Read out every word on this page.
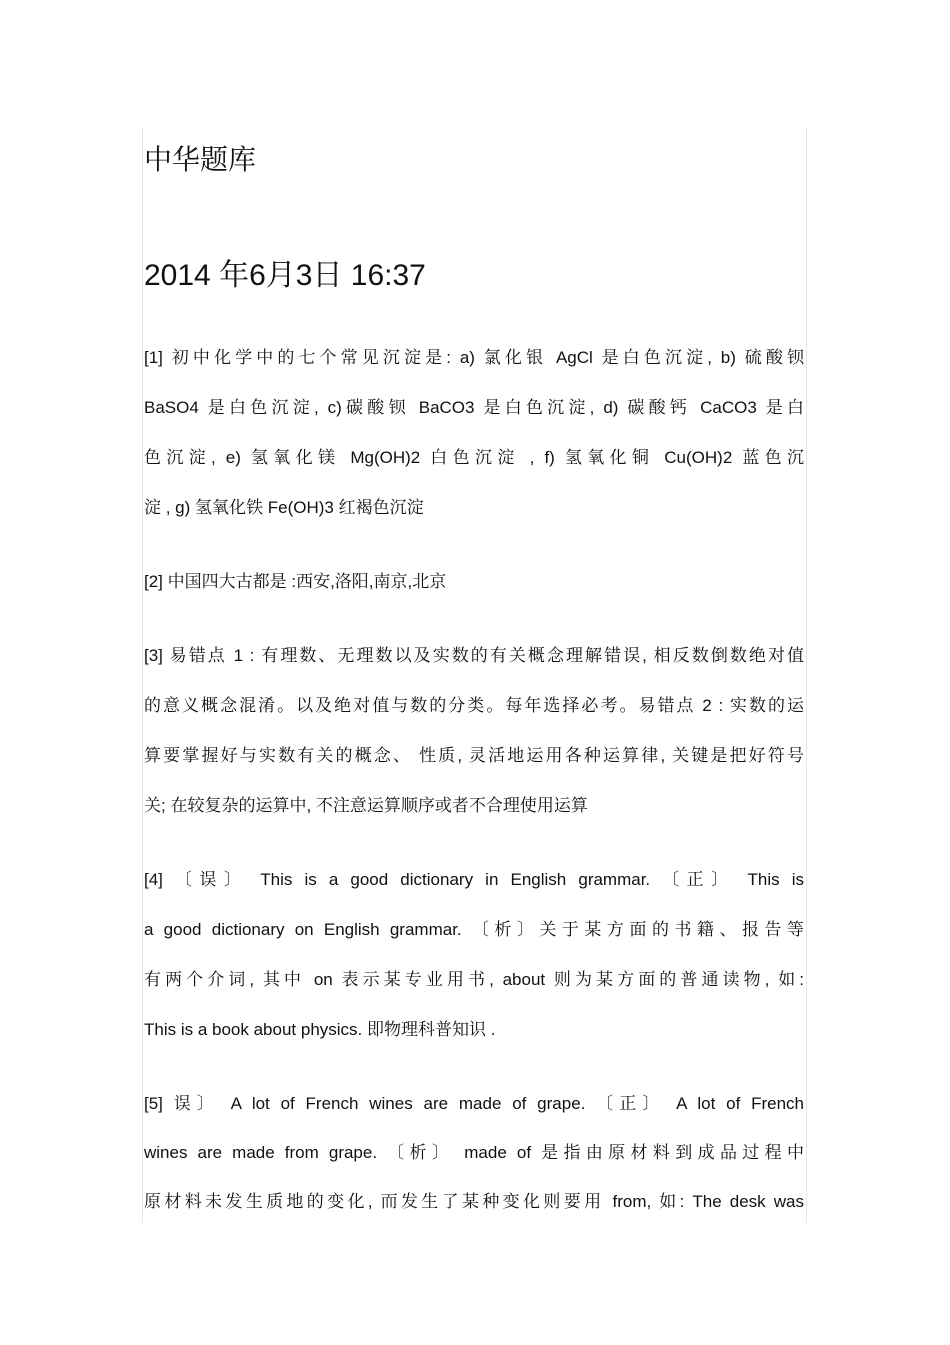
中华题库
2014 年6月3日 16:37
[1] 初中化学中的七个常见沉淀是: a) 氯化银 AgCl 是白色沉淀, b) 硫酸钡
BaSO4 是白色沉淀, c)碳酸钡 BaCO3 是白色沉淀, d) 碳酸钙 CaCO3 是白
色沉淀, e) 氢氧化镁 Mg(OH)2 白色沉淀 , f) 氢氧化铜 Cu(OH)2 蓝色沉
淀 , g) 氢氧化铁 Fe(OH)3 红褐色沉淀
[2] 中国四大古都是 :西安,洛阳,南京,北京
[3] 易错点 1 : 有理数、无理数以及实数的有关概念理解错误, 相反数倒数绝对值
的意义概念混淆。以及绝对值与数的分类。每年选择必考。易错点 2 : 实数的运
算要掌握好与实数有关的概念、 性质, 灵活地运用各种运算律, 关键是把好符号
关; 在较复杂的运算中, 不注意运算顺序或者不合理使用运算
[4] 〔误〕 This is a good dictionary in English grammar. 〔正〕 This is
a good dictionary on English grammar. 〔析〕关于某方面的书籍、报告等
有两个介词, 其中 on 表示某专业用书, about 则为某方面的普通读物, 如:
This is a book about physics. 即物理科普知识 .
[5] 误〕 A lot of French wines are made of grape. 〔正〕 A lot of French
wines are made from grape. 〔析〕 made of 是指由原材料到成品过程中
原材料未发生质地的变化, 而发生了某种变化则要用 from, 如: The desk was
